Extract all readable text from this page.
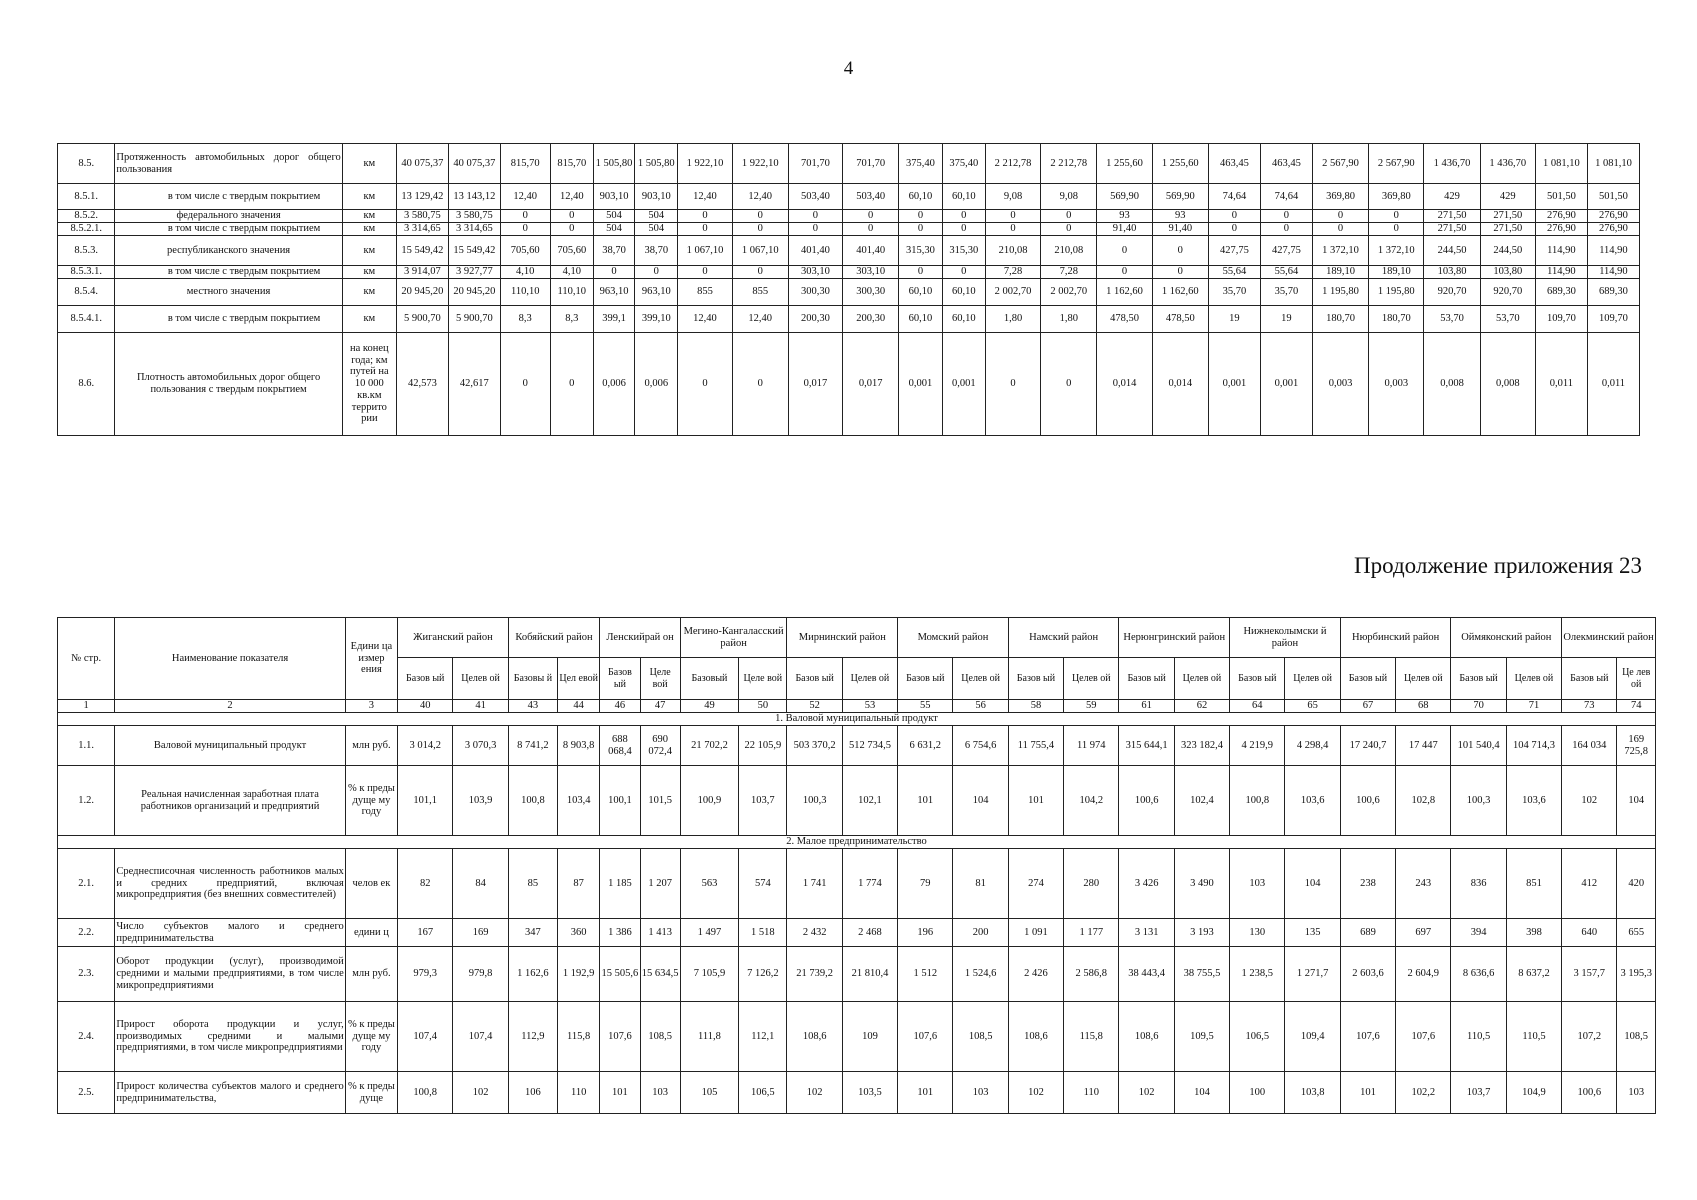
4
8.5.	Протяженность автомобильных дорог общего пользования	км	40 075,37	40 075,37	815,70	815,70	1 505,80	1 505,80	1 922,10	1 922,10	701,70	701,70	375,40	375,40	2 212,78	2 212,78	1 255,60	1 255,60	463,45	463,45	2 567,90	2 567,90	1 436,70	1 436,70	1 081,10	1 081,10
8.5.1.	в том числе с твердым покрытием	км	13 129,42	13 143,12	12,40	12,40	903,10	903,10	12,40	12,40	503,40	503,40	60,10	60,10	9,08	9,08	569,90	569,90	74,64	74,64	369,80	369,80	429	429	501,50	501,50
8.5.2.	федерального значения	км	3 580,75	3 580,75	0	0	504	504	0	0	0	0	0	0	0	0	93	93	0	0	0	0	271,50	271,50	276,90	276,90
8.5.2.1.	в том числе с твердым покрытием	км	3 314,65	3 314,65	0	0	504	504	0	0	0	0	0	0	0	0	91,40	91,40	0	0	0	0	271,50	271,50	276,90	276,90
8.5.3.	республиканского значения	км	15 549,42	15 549,42	705,60	705,60	38,70	38,70	1 067,10	1 067,10	401,40	401,40	315,30	315,30	210,08	210,08	0	0	427,75	427,75	1 372,10	1 372,10	244,50	244,50	114,90	114,90
8.5.3.1.	в том числе с твердым покрытием	км	3 914,07	3 927,77	4,10	4,10	0	0	0	0	303,10	303,10	0	0	7,28	7,28	0	0	55,64	55,64	189,10	189,10	103,80	103,80	114,90	114,90
8.5.4.	местного значения	км	20 945,20	20 945,20	110,10	110,10	963,10	963,10	855	855	300,30	300,30	60,10	60,10	2 002,70	2 002,70	1 162,60	1 162,60	35,70	35,70	1 195,80	1 195,80	920,70	920,70	689,30	689,30
8.5.4.1.	в том числе с твердым покрытием	км	5 900,70	5 900,70	8,3	8,3	399,1	399,10	12,40	12,40	200,30	200,30	60,10	60,10	1,80	1,80	478,50	478,50	19	19	180,70	180,70	53,70	53,70	109,70	109,70
8.6.	Плотность автомобильных дорог общего пользования с твердым покрытием	на конец года; км путей на 10 000 кв.км террито рии	42,573	42,617	0	0	0,006	0,006	0	0	0,017	0,017	0,001	0,001	0	0	0,014	0,014	0,001	0,001	0,003	0,003	0,008	0,008	0,011	0,011
Продолжение приложения 23
№ стр.	Наименование показателя	Едини ца измер ения	Жиганский район		Кобяйский район		Ленскийрай он		Мегино-Кангаласский район		Мирнинский район		Момский район		Намский район		Нерюнгринский район		Нижнеколымски й район		Нюрбинский район		Оймяконский район		Олекминский район	
			Базов ый	Целев ой	Базовы й	Цел евой	Базов ый	Целе вой	Базовый	Целе вой	Базов ый	Целев ой	Базов ый	Целев ой	Базов ый	Целев ой	Базов ый	Целев ой	Базов ый	Целев ой	Базов ый	Целев ой	Базов ый	Целев ой	Базов ый	Це лев ой
1	2	3	40	41	43	44	46	47	49	50	52	53	55	56	58	59	61	62	64	65	67	68	70	71	73	74
1. Валовой муниципальный продукт																										
1.1.	Валовой муниципальный продукт	млн руб.	3 014,2	3 070,3	8 741,2	8 903,8	688 068,4	690 072,4	21 702,2	22 105,9	503 370,2	512 734,5	6 631,2	6 754,6	11 755,4	11 974	315 644,1	323 182,4	4 219,9	4 298,4	17 240,7	17 447	101 540,4	104 714,3	164 034	169 725,8
1.2.	Реальная начисленная заработная плата работников организаций и предприятий	% к преды дуще му году	101,1	103,9	100,8	103,4	100,1	101,5	100,9	103,7	100,3	102,1	101	104	101	104,2	100,6	102,4	100,8	103,6	100,6	102,8	100,3	103,6	102	104
2. Малое предпринимательство																										
2.1.	Среднесписочная численность работников малых и средних предприятий, включая микропредприятия (без внешних совместителей)	челов ек	82	84	85	87	1 185	1 207	563	574	1 741	1 774	79	81	274	280	3 426	3 490	103	104	238	243	836	851	412	420
2.2.	Число субъектов малого и среднего предпринимательства	едини ц	167	169	347	360	1 386	1 413	1 497	1 518	2 432	2 468	196	200	1 091	1 177	3 131	3 193	130	135	689	697	394	398	640	655
2.3.	Оборот продукции (услуг), производимой средними и малыми предприятиями, в том числе микропредприятиями	млн руб.	979,3	979,8	1 162,6	1 192,9	15 505,6	15 634,5	7 105,9	7 126,2	21 739,2	21 810,4	1 512	1 524,6	2 426	2 586,8	38 443,4	38 755,5	1 238,5	1 271,7	2 603,6	2 604,9	8 636,6	8 637,2	3 157,7	3 195,3
2.4.	Прирост оборота продукции и услуг, производимых средними и малыми предприятиями, в том числе микропредприятиями	% к преды дуще му году	107,4	107,4	112,9	115,8	107,6	108,5	111,8	112,1	108,6	109	107,6	108,5	108,6	115,8	108,6	109,5	106,5	109,4	107,6	107,6	110,5	110,5	107,2	108,5
2.5.	Прирост количества субъектов малого и среднего предпринимательства,	% к преды дуще	100,8	102	106	110	101	103	105	106,5	102	103,5	101	103	102	110	102	104	100	103,8	101	102,2	103,7	104,9	100,6	103
